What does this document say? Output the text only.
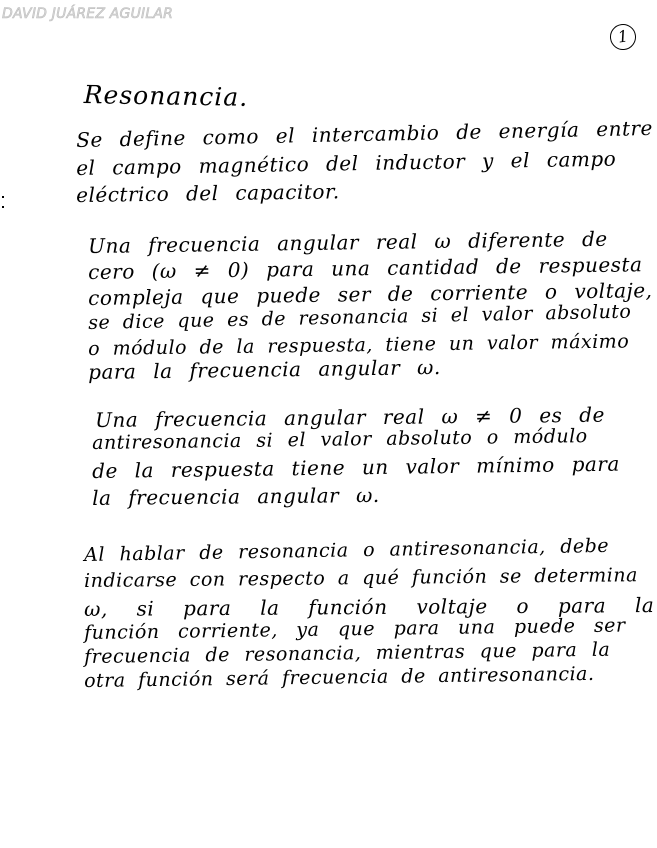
DAVID JUÁREZ AGUILAR
1
Resonancia.
Se define como el intercambio de energía entre
el campo magnético del inductor y el campo
eléctrico del capacitor.
Una frecuencia angular real ω diferente de
cero (ω ≠ 0) para una cantidad de respuesta
compleja que puede ser de corriente o voltaje,
se dice que es de resonancia si el valor absoluto
o módulo de la respuesta, tiene un valor máximo
para la frecuencia angular ω.
Una frecuencia angular real ω ≠ 0 es de
antiresonancia si el valor absoluto o módulo
de la respuesta tiene un valor mínimo para
la frecuencia angular ω.
Al hablar de resonancia o antiresonancia, debe
indicarse con respecto a qué función se determina
ω, si para la función voltaje o para la
función corriente, ya que para una puede ser
frecuencia de resonancia, mientras que para la
otra función será frecuencia de antiresonancia.
